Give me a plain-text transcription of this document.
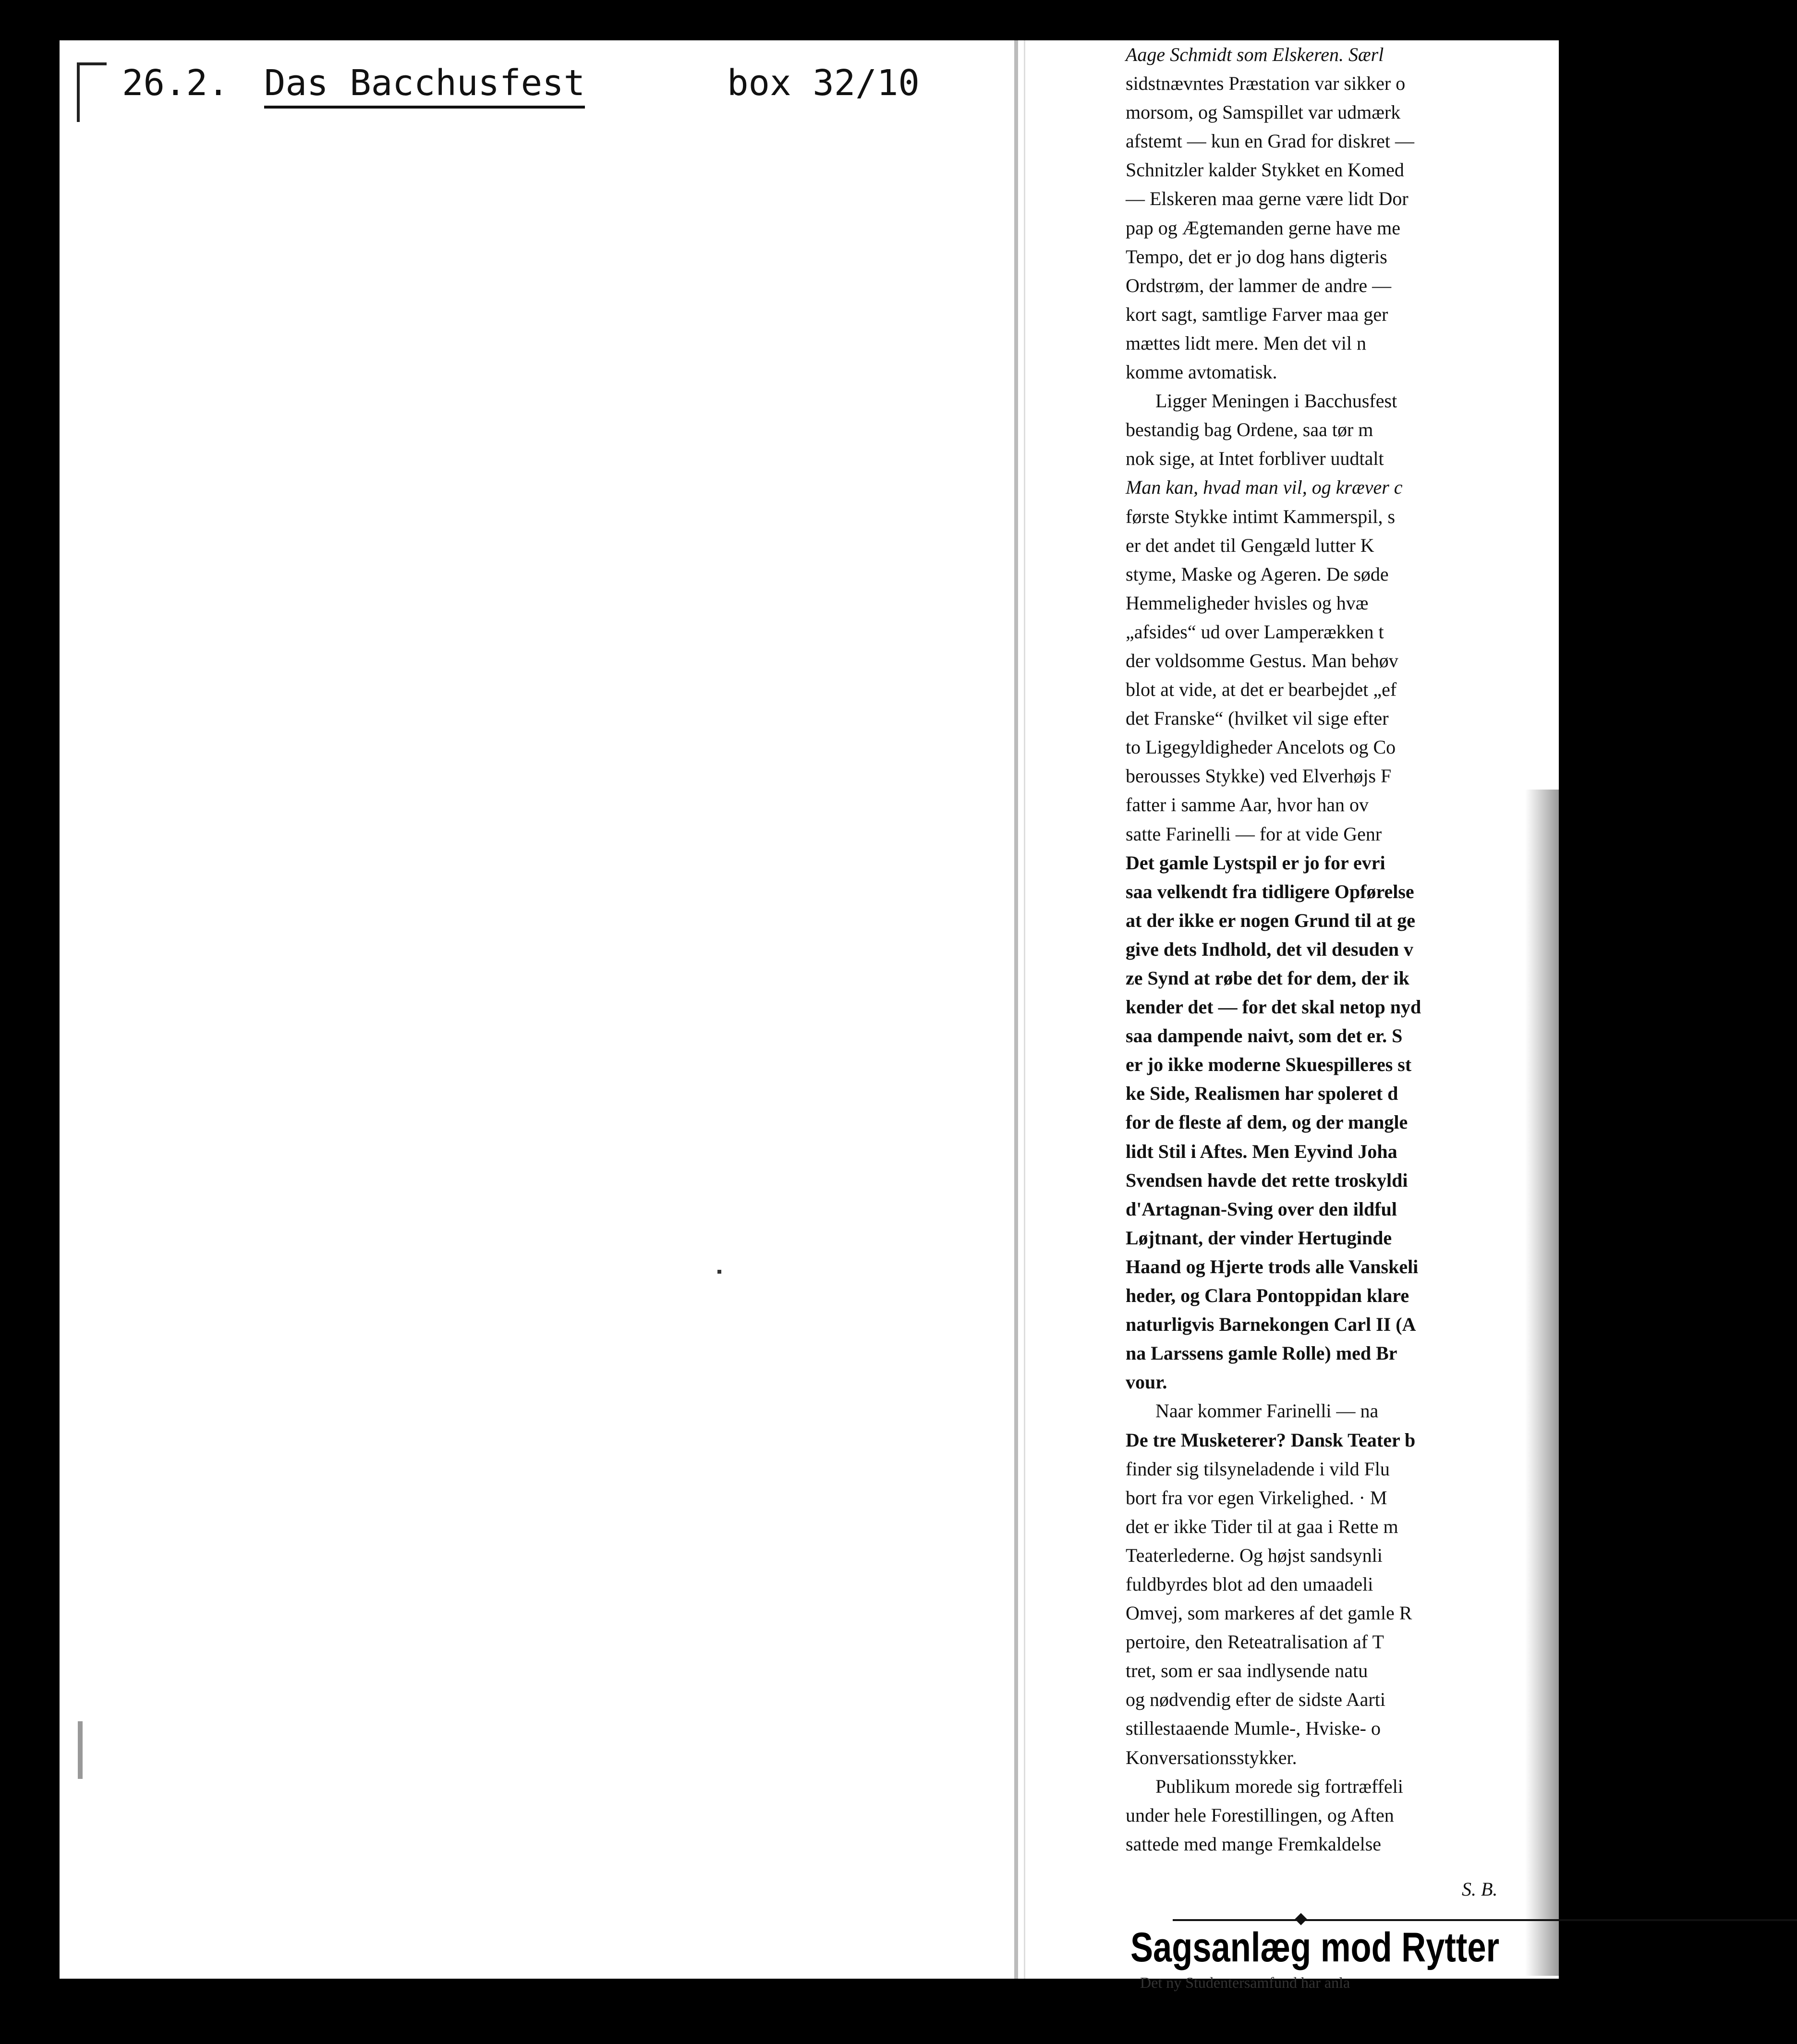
26.2. Das Bacchusfest	box 32/10

Aage Schmidt som Elskeren. Særl

sidstnævntes Præstation var sikker o

morsom, og Samspillet var udmærk

afstemt — kun en Grad for diskret —

Schnitzler kalder Stykket en Komed

— Elskeren maa gerne være lidt Dor

pap og Ægtemanden gerne have me

Tempo, det er jo dog hans digteris

Ordstrøm, der lammer de andre —

kort sagt, samtlige Farver maa ger

mættes lidt mere. Men det vil n

komme avtomatisk.

Ligger Meningen i Bacchusfest

bestandig bag Ordene, saa tør m

nok sige, at Intet forbliver uudtalt

Man kan, hvad man vil, og kræver c

første Stykke intimt Kammerspil, s

er det andet til Gengæld lutter K

styme, Maske og Ageren. De søde

Hemmeligheder hvisles og hvæ

„afsides“ ud over Lamperækken t

der voldsomme Gestus. Man behøv

blot at vide, at det er bearbejdet „ef

det Franske“ (hvilket vil sige efter

to Ligegyldigheder Ancelots og Co

berousses Stykke) ved Elverhøjs F

fatter i samme Aar, hvor han ov

satte Farinelli — for at vide Genr

Det gamle Lystspil er jo for evri

saa velkendt fra tidligere Opførelse

at der ikke er nogen Grund til at ge

give dets Indhold, det vil desuden v

ze Synd at røbe det for dem, der ik

kender det — for det skal netop nyd

saa dampende naivt, som det er. S

er jo ikke moderne Skuespilleres st

ke Side, Realismen har spoleret d

for de fleste af dem, og der mangle

lidt Stil i Aftes. Men Eyvind Joha

Svendsen havde det rette troskyldi

d'Artagnan-Sving over den ildful

Løjtnant, der vinder Hertuginde

Haand og Hjerte trods alle Vanskeli

heder, og Clara Pontoppidan klare

naturligvis Barnekongen Carl II (A

na Larssens gamle Rolle) med Br

vour.

Naar kommer Farinelli — na

De tre Musketerer? Dansk Teater b

finder sig tilsyneladende i vild Flu

bort fra vor egen Virkelighed. · M

det er ikke Tider til at gaa i Rette m

Teaterlederne. Og højst sandsynli

fuldbyrdes blot ad den umaadeli

Omvej, som markeres af det gamle R

pertoire, den Reteatralisation af T

tret, som er saa indlysende natu

og nødvendig efter de sidste Aarti

stillestaaende Mumle-, Hviske- o

Konversationsstykker.

Publikum morede sig fortræffeli

under hele Forestillingen, og Aften

sattede med mange Fremkaldelse

S. B.
Sagsanlæg mod Rytter
Det ny Studentersamfund har anla
